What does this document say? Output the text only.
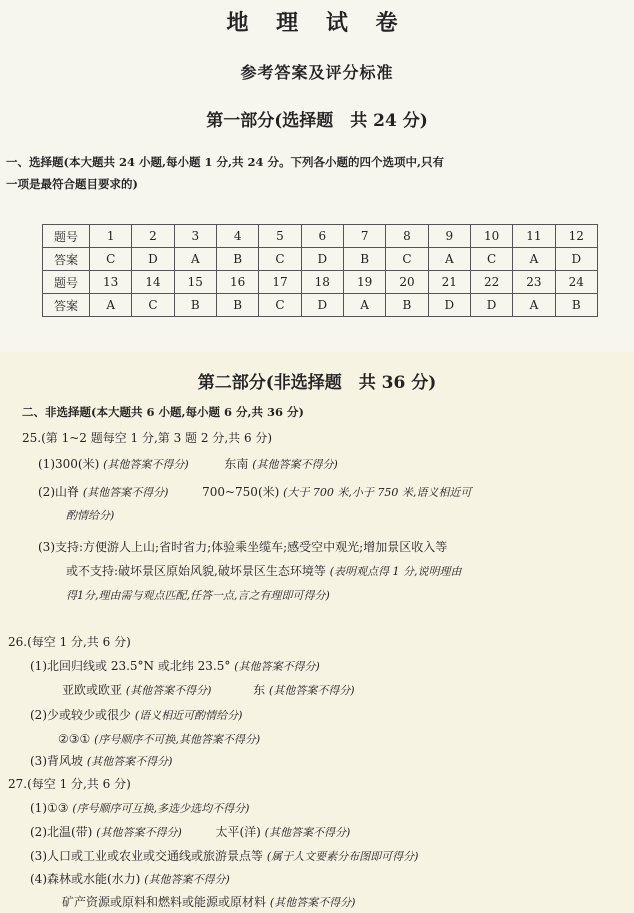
地 理 试 卷
参考答案及评分标准
第一部分(选择题　共 24 分)
一、选择题(本大题共 24 小题,每小题 1 分,共 24 分。下列各小题的四个选项中,只有
一项是最符合题目要求的)
题号	1	2	3	4	5	6	7	8	9	10	11	12
答案	C	D	A	B	C	D	B	C	A	C	A	D
题号	13	14	15	16	17	18	19	20	21	22	23	24
答案	A	C	B	B	C	D	A	B	D	D	A	B
第二部分(非选择题　共 36 分)
二、非选择题(本大题共 6 小题,每小题 6 分,共 36 分)
25.(第 1~2 题每空 1 分,第 3 题 2 分,共 6 分)
(1)300(米) (其他答案不得分)	东南 (其他答案不得分)
(2)山脊 (其他答案不得分)	700~750(米) (大于 700 米,小于 750 米,语义相近可
酌情给分)
(3)支持:方便游人上山;省时省力;体验乘坐缆车;感受空中观光;增加景区收入等
或不支持:破坏景区原始风貌,破坏景区生态环境等 (表明观点得 1 分,说明理由
得1分,理由需与观点匹配,任答一点,言之有理即可得分)
26.(每空 1 分,共 6 分)
(1)北回归线或 23.5°N 或北纬 23.5° (其他答案不得分)
亚欧或欧亚 (其他答案不得分)	东 (其他答案不得分)
(2)少或较少或很少 (语义相近可酌情给分)
②③① (序号顺序不可换,其他答案不得分)
(3)背风坡 (其他答案不得分)
27.(每空 1 分,共 6 分)
(1)①③ (序号顺序可互换,多选少选均不得分)
(2)北温(带) (其他答案不得分)	太平(洋) (其他答案不得分)
(3)人口或工业或农业或交通线或旅游景点等 (属于人文要素分布图即可得分)
(4)森林或水能(水力) (其他答案不得分)
矿产资源或原料和燃料或能源或原材料 (其他答案不得分)
